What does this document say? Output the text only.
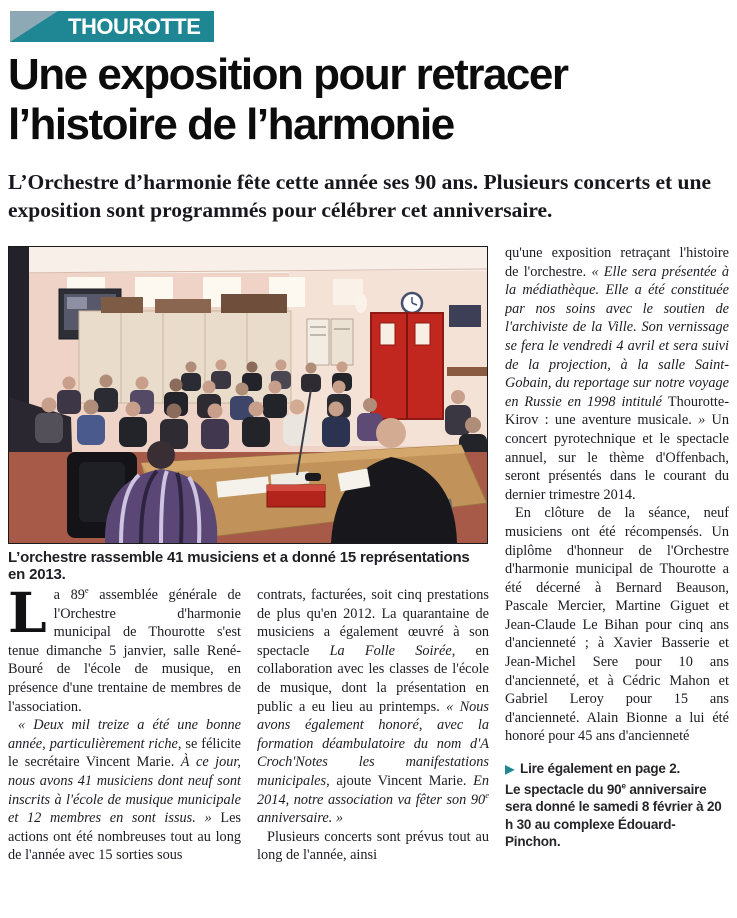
THOUROTTE
Une exposition pour retracer l’histoire de l’harmonie
L’Orchestre d’harmonie fête cette année ses 90 ans. Plusieurs concerts et une exposition sont programmés pour célébrer cet anniversaire.
L’orchestre rassemble 41 musiciens et a donné 15 représentations en 2013.

La 89e assemblée générale de l'Orchestre d'harmonie municipal de Thourotte s'est tenue dimanche 5 janvier, salle René-Bouré de l'école de musique, en présence d'une trentaine de membres de l'association.

« Deux mil treize a été une bonne année, particulièrement riche, se félicite le secrétaire Vincent Marie. À ce jour, nous avons 41 musiciens dont neuf sont inscrits à l'école de musique municipale et 12 membres en sont issus. » Les actions ont été nombreuses tout au long de l'année avec 15 sorties sous

contrats, facturées, soit cinq prestations de plus qu'en 2012. La quarantaine de musiciens a également œuvré à son spectacle La Folle Soirée, en collaboration avec les classes de l'école de musique, dont la présentation en public a eu lieu au printemps. « Nous avons également honoré, avec la formation déambulatoire du nom d'A Croch'Notes les manifestations municipales, ajoute Vincent Marie. En 2014, notre association va fêter son 90e anniversaire. »

Plusieurs concerts sont prévus tout au long de l'année, ainsi

qu'une exposition retraçant l'histoire de l'orchestre. « Elle sera présentée à la médiathèque. Elle a été constituée par nos soins avec le soutien de l'archiviste de la Ville. Son vernissage se fera le vendredi 4 avril et sera suivi de la projection, à la salle Saint-Gobain, du reportage sur notre voyage en Russie en 1998 intitulé Thourotte-Kirov : une aventure musicale. » Un concert pyrotechnique et le spectacle annuel, sur le thème d'Offenbach, seront présentés dans le courant du dernier trimestre 2014.

En clôture de la séance, neuf musiciens ont été récompensés. Un diplôme d'honneur de l'Orchestre d'harmonie municipal de Thourotte a été décerné à Bernard Beauson, Pascale Mercier, Martine Giguet et Jean-Claude Le Bihan pour cinq ans d'ancienneté ; à Xavier Basserie et Jean-Michel Sere pour 10 ans d'ancienneté, et à Cédric Mahon et Gabriel Leroy pour 15 ans d'ancienneté. Alain Bionne a lui été honoré pour 45 ans d'ancienneté

▶ Lire également en page 2.

Le spectacle du 90e anniversaire sera donné le samedi 8 février à 20 h 30 au complexe Édouard-Pinchon.
